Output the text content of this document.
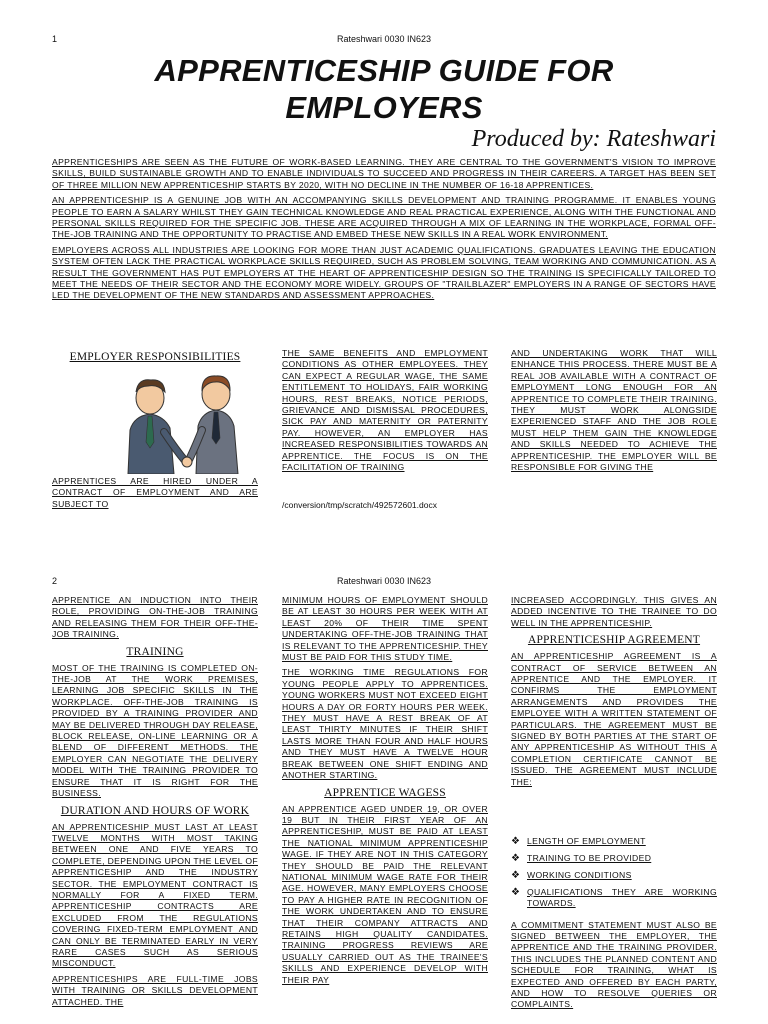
1	Rateshwari 0030 IN623
APPRENTICESHIP GUIDE FOR
EMPLOYERS
Produced by: Rateshwari

APPRENTICESHIPS ARE SEEN AS THE FUTURE OF WORK-BASED LEARNING. THEY ARE CENTRAL TO THE GOVERNMENT'S VISION TO IMPROVE SKILLS, BUILD SUSTAINABLE GROWTH AND TO ENABLE INDIVIDUALS TO SUCCEED AND PROGRESS IN THEIR CAREERS. A TARGET HAS BEEN SET OF THREE MILLION NEW APPRENTICESHIP STARTS BY 2020, WITH NO DECLINE IN THE NUMBER OF 16-18 APPRENTICES.

AN APPRENTICESHIP IS A GENUINE JOB WITH AN ACCOMPANYING SKILLS DEVELOPMENT AND TRAINING PROGRAMME. IT ENABLES YOUNG PEOPLE TO EARN A SALARY WHILST THEY GAIN TECHNICAL KNOWLEDGE AND REAL PRACTICAL EXPERIENCE, ALONG WITH THE FUNCTIONAL AND PERSONAL SKILLS REQUIRED FOR THE SPECIFIC JOB. THESE ARE ACQUIRED THROUGH A MIX OF LEARNING IN THE WORKPLACE, FORMAL OFF-THE-JOB TRAINING AND THE OPPORTUNITY TO PRACTISE AND EMBED THESE NEW SKILLS IN A REAL WORK ENVIRONMENT.

EMPLOYERS ACROSS ALL INDUSTRIES ARE LOOKING FOR MORE THAN JUST ACADEMIC QUALIFICATIONS. GRADUATES LEAVING THE EDUCATION SYSTEM OFTEN LACK THE PRACTICAL WORKPLACE SKILLS REQUIRED, SUCH AS PROBLEM SOLVING, TEAM WORKING AND COMMUNICATION. AS A RESULT THE GOVERNMENT HAS PUT EMPLOYERS AT THE HEART OF APPRENTICESHIP DESIGN SO THE TRAINING IS SPECIFICALLY TAILORED TO MEET THE NEEDS OF THEIR SECTOR AND THE ECONOMY MORE WIDELY. GROUPS OF "TRAILBLAZER" EMPLOYERS IN A RANGE OF SECTORS HAVE LED THE DEVELOPMENT OF THE NEW STANDARDS AND ASSESSMENT APPROACHES.

EMPLOYER RESPONSIBILITIES

APPRENTICES ARE HIRED UNDER A CONTRACT OF EMPLOYMENT AND ARE SUBJECT TO

THE SAME BENEFITS AND EMPLOYMENT CONDITIONS AS OTHER EMPLOYEES. THEY CAN EXPECT A REGULAR WAGE, THE SAME ENTITLEMENT TO HOLIDAYS, FAIR WORKING HOURS, REST BREAKS, NOTICE PERIODS, GRIEVANCE AND DISMISSAL PROCEDURES, SICK PAY AND MATERNITY OR PATERNITY PAY. HOWEVER, AN EMPLOYER HAS INCREASED RESPONSIBILITIES TOWARDS AN APPRENTICE. THE FOCUS IS ON THE FACILITATION OF TRAINING

AND UNDERTAKING WORK THAT WILL ENHANCE THIS PROCESS. THERE MUST BE A REAL JOB AVAILABLE WITH A CONTRACT OF EMPLOYMENT LONG ENOUGH FOR AN APPRENTICE TO COMPLETE THEIR TRAINING. THEY MUST WORK ALONGSIDE EXPERIENCED STAFF AND THE JOB ROLE MUST HELP THEM GAIN THE KNOWLEDGE AND SKILLS NEEDED TO ACHIEVE THE APPRENTICESHIP. THE EMPLOYER WILL BE RESPONSIBLE FOR GIVING THE

/conversion/tmp/scratch/492572601.docx
2	Rateshwari 0030 IN623

APPRENTICE AN INDUCTION INTO THEIR ROLE, PROVIDING ON-THE-JOB TRAINING AND RELEASING THEM FOR THEIR OFF-THE-JOB TRAINING.

TRAINING

MOST OF THE TRAINING IS COMPLETED ON-THE-JOB AT THE WORK PREMISES, LEARNING JOB SPECIFIC SKILLS IN THE WORKPLACE. OFF-THE-JOB TRAINING IS PROVIDED BY A TRAINING PROVIDER AND MAY BE DELIVERED THROUGH DAY RELEASE, BLOCK RELEASE, ON-LINE LEARNING OR A BLEND OF DIFFERENT METHODS. THE EMPLOYER CAN NEGOTIATE THE DELIVERY MODEL WITH THE TRAINING PROVIDER TO ENSURE THAT IT IS RIGHT FOR THE BUSINESS.

DURATION AND HOURS OF WORK

AN APPRENTICESHIP MUST LAST AT LEAST TWELVE MONTHS WITH MOST TAKING BETWEEN ONE AND FIVE YEARS TO COMPLETE, DEPENDING UPON THE LEVEL OF APPRENTICESHIP AND THE INDUSTRY SECTOR. THE EMPLOYMENT CONTRACT IS NORMALLY FOR A FIXED TERM. APPRENTICESHIP CONTRACTS ARE EXCLUDED FROM THE REGULATIONS COVERING FIXED-TERM EMPLOYMENT AND CAN ONLY BE TERMINATED EARLY IN VERY RARE CASES SUCH AS SERIOUS MISCONDUCT.

APPRENTICESHIPS ARE FULL-TIME JOBS WITH TRAINING OR SKILLS DEVELOPMENT ATTACHED. THE

MINIMUM HOURS OF EMPLOYMENT SHOULD BE AT LEAST 30 HOURS PER WEEK WITH AT LEAST 20% OF THEIR TIME SPENT UNDERTAKING OFF-THE-JOB TRAINING THAT IS RELEVANT TO THE APPRENTICESHIP. THEY MUST BE PAID FOR THIS STUDY TIME.

THE WORKING TIME REGULATIONS FOR YOUNG PEOPLE APPLY TO APPRENTICES. YOUNG WORKERS MUST NOT EXCEED EIGHT HOURS A DAY OR FORTY HOURS PER WEEK. THEY MUST HAVE A REST BREAK OF AT LEAST THIRTY MINUTES IF THEIR SHIFT LASTS MORE THAN FOUR AND HALF HOURS AND THEY MUST HAVE A TWELVE HOUR BREAK BETWEEN ONE SHIFT ENDING AND ANOTHER STARTING.

APPRENTICE WAGESS

AN APPRENTICE AGED UNDER 19, OR OVER 19 BUT IN THEIR FIRST YEAR OF AN APPRENTICESHIP, MUST BE PAID AT LEAST THE NATIONAL MINIMUM APPRENTICESHIP WAGE. IF THEY ARE NOT IN THIS CATEGORY THEY SHOULD BE PAID THE RELEVANT NATIONAL MINIMUM WAGE RATE FOR THEIR AGE. HOWEVER, MANY EMPLOYERS CHOOSE TO PAY A HIGHER RATE IN RECOGNITION OF THE WORK UNDERTAKEN AND TO ENSURE THAT THEIR COMPANY ATTRACTS AND RETAINS HIGH QUALITY CANDIDATES. TRAINING PROGRESS REVIEWS ARE USUALLY CARRIED OUT AS THE TRAINEE'S SKILLS AND EXPERIENCE DEVELOP WITH THEIR PAY

INCREASED ACCORDINGLY. THIS GIVES AN ADDED INCENTIVE TO THE TRAINEE TO DO WELL IN THE APPRENTICESHIP.

APPRENTICESHIP AGREEMENT

AN APPRENTICESHIP AGREEMENT IS A CONTRACT OF SERVICE BETWEEN AN APPRENTICE AND THE EMPLOYER. IT CONFIRMS THE EMPLOYMENT ARRANGEMENTS AND PROVIDES THE EMPLOYEE WITH A WRITTEN STATEMENT OF PARTICULARS. THE AGREEMENT MUST BE SIGNED BY BOTH PARTIES AT THE START OF ANY APPRENTICESHIP AS WITHOUT THIS A COMPLETION CERTIFICATE CANNOT BE ISSUED. THE AGREEMENT MUST INCLUDE THE:

❖ LENGTH OF EMPLOYMENT
❖ TRAINING TO BE PROVIDED
❖ WORKING CONDITIONS
❖ QUALIFICATIONS THEY ARE WORKING TOWARDS.

A COMMITMENT STATEMENT MUST ALSO BE SIGNED BETWEEN THE EMPLOYER, THE APPRENTICE AND THE TRAINING PROVIDER. THIS INCLUDES THE PLANNED CONTENT AND SCHEDULE FOR TRAINING, WHAT IS EXPECTED AND OFFERED BY EACH PARTY, AND HOW TO RESOLVE QUERIES OR COMPLAINTS.
